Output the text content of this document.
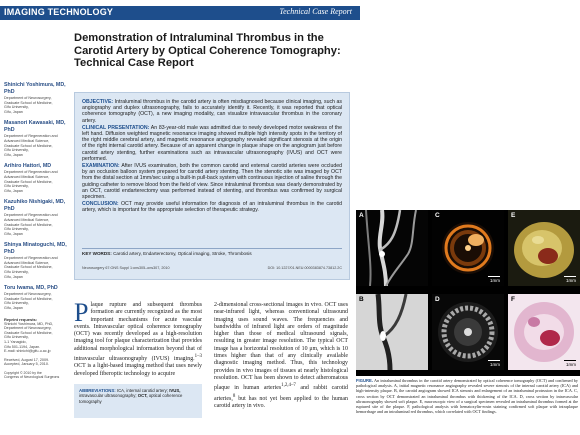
IMAGING TECHNOLOGY	Technical Case Report
Demonstration of Intraluminal Thrombus in the Carotid Artery by Optical Coherence Tomography: Technical Case Report
Shinichi Yoshimura, MD, PhD
Department of Neurosurgery,
Graduate School of Medicine,
Gifu University,
Gifu, Japan
Masanori Kawasaki, MD, PhD
Department of Regeneration and
Advanced Medical Science,
Graduate School of Medicine,
Gifu University,
Gifu, Japan
Arihiro Hattori, MD
Department of Regeneration and
Advanced Medical Science,
Graduate School of Medicine,
Gifu University,
Gifu, Japan
Kazuhiko Nishigaki, MD, PhD
Department of Regeneration and
Advanced Medical Science,
Graduate School of Medicine,
Gifu University,
Gifu, Japan
Shinya Minatoguchi, MD, PhD
Department of Regeneration and
Advanced Medical Science,
Graduate School of Medicine,
Gifu University,
Gifu, Japan
Toru Iwama, MD, PhD
Department of Neurosurgery,
Graduate School of Medicine,
Gifu University,
Gifu, Japan
Reprint requests:
Shinichi Yoshimura, MD, PhD,
Department of Neurosurgery,
Graduate School of Medicine,
Gifu University,
1-1 Yanagido,
Gifu 501-1194, Japan.
E-mail: shinichi@gifu-u.ac.jp
Received, August 17, 2009.
Accepted, January 5, 2010.
Copyright © 2010 by the
Congress of Neurological Surgeons

OBJECTIVE: Intraluminal thrombus in the carotid artery is often misdiagnosed because clinical imaging, such as angiography and duplex ultrasonography, fails to accurately identify it. Recently, it was reported that optical coherence tomography (OCT), a new imaging modality, can visualize intravascular thrombus in the coronary artery.

CLINICAL PRESENTATION: An 83-year-old male was admitted due to newly developed motor weakness of the left hand. Diffusion weighted magnetic resonance imaging showed multiple high intensity spots in the territory of the right middle cerebral artery, and magnetic resonance angiography revealed significant stenosis at the origin of the right internal carotid artery. Because of an apparent change in plaque shape on the angiogram just before carotid artery stenting, further examinations such as intravascular ultrasonography (IVUS) and OCT were performed.

EXAMINATION: After IVUS examination, both the common carotid and external carotid arteries were occluded by an occlusion balloon system prepared for carotid artery stenting. Then the stenotic site was imaged by OCT from the distal section at 1mm/sec using a built-in pull-back system with continuous injection of saline through the guiding catheter to remove blood from the field of view. Since intraluminal thrombus was clearly demonstrated by an OCT, carotid endarterectomy was performed instead of stenting, and thrombus was confirmed by surgical specimen.

CONCLUSION: OCT may provide useful information for diagnosis of an intraluminal thrombus in the carotid artery, which is important for the appropriate selection of therapeutic strategy.

KEY WORDS: Carotid artery, Endarterectomy, Optical imaging, Stroke, Thrombosis
Neurosurgery 67:ONS Suppl 1:ons305–ons307, 2010	DOI: 10.1227/01.NEU.0000383874.73812.2C

Plaque rupture and subsequent thrombus formation are currently recognized as the most important mechanisms for acute vascular events. Intravascular optical coherence tomography (OCT) was recently developed as a high-resolution imaging tool for plaque characterization that provides additional morphological information beyond that of intravascular ultrasonography (IVUS) imaging.$^{1-3}$ OCT is a light-based imaging method that uses newly developed fiberoptic technology to acquire

ABBREVIATIONS: ICA, internal carotid artery; IVUS, intravascular ultrasonography; OCT, optical coherence tomography

2-dimensional cross-sectional images in vivo. OCT uses near-infrared light, whereas conventional ultrasound imaging uses sound waves. The frequencies and bandwidths of infrared light are orders of magnitude higher than those of medical ultrasound signals, resulting in greater image resolution. The typical OCT image has a horizontal resolution of 10 μm, which is 10 times higher than that of any clinically available diagnostic imaging method. Thus, this technology provides in vivo images of tissues at nearly histological resolution. OCT has been shown to detect atheromatous plaque in human arteries$^{1,2,4-7}$ and rabbit carotid arteries,$^8$ but has not yet been applied to the human carotid artery in vivo.

A	C
1mm
E
1mm
B	D
1mm
F
1mm

FIGURE. An intraluminal thrombus in the carotid artery demonstrated by optical coherence tomography (OCT) and confirmed by pathological analysis. A, initial magnetic resonance angiography revealed severe stenosis of the internal carotid artery (ICA) and high-intensity plaque. B, the carotid angiogram showed ICA stenosis and enlargement of an intraluminal protrusion in the ICA. C, cross section by OCT demonstrated an intraluminal thrombus with thickening of the ICA. D, cross section by intravascular ultrasonography showed soft plaque. E, macroscopic view of a surgical specimen revealed an intraluminal thrombus formed at the ruptured site of the plaque. F, pathological analysis with hematoxylin-eosin staining confirmed soft plaque with intraplaque hemorrhage and an intraluminal red thrombus, which correlated with OCT findings.
